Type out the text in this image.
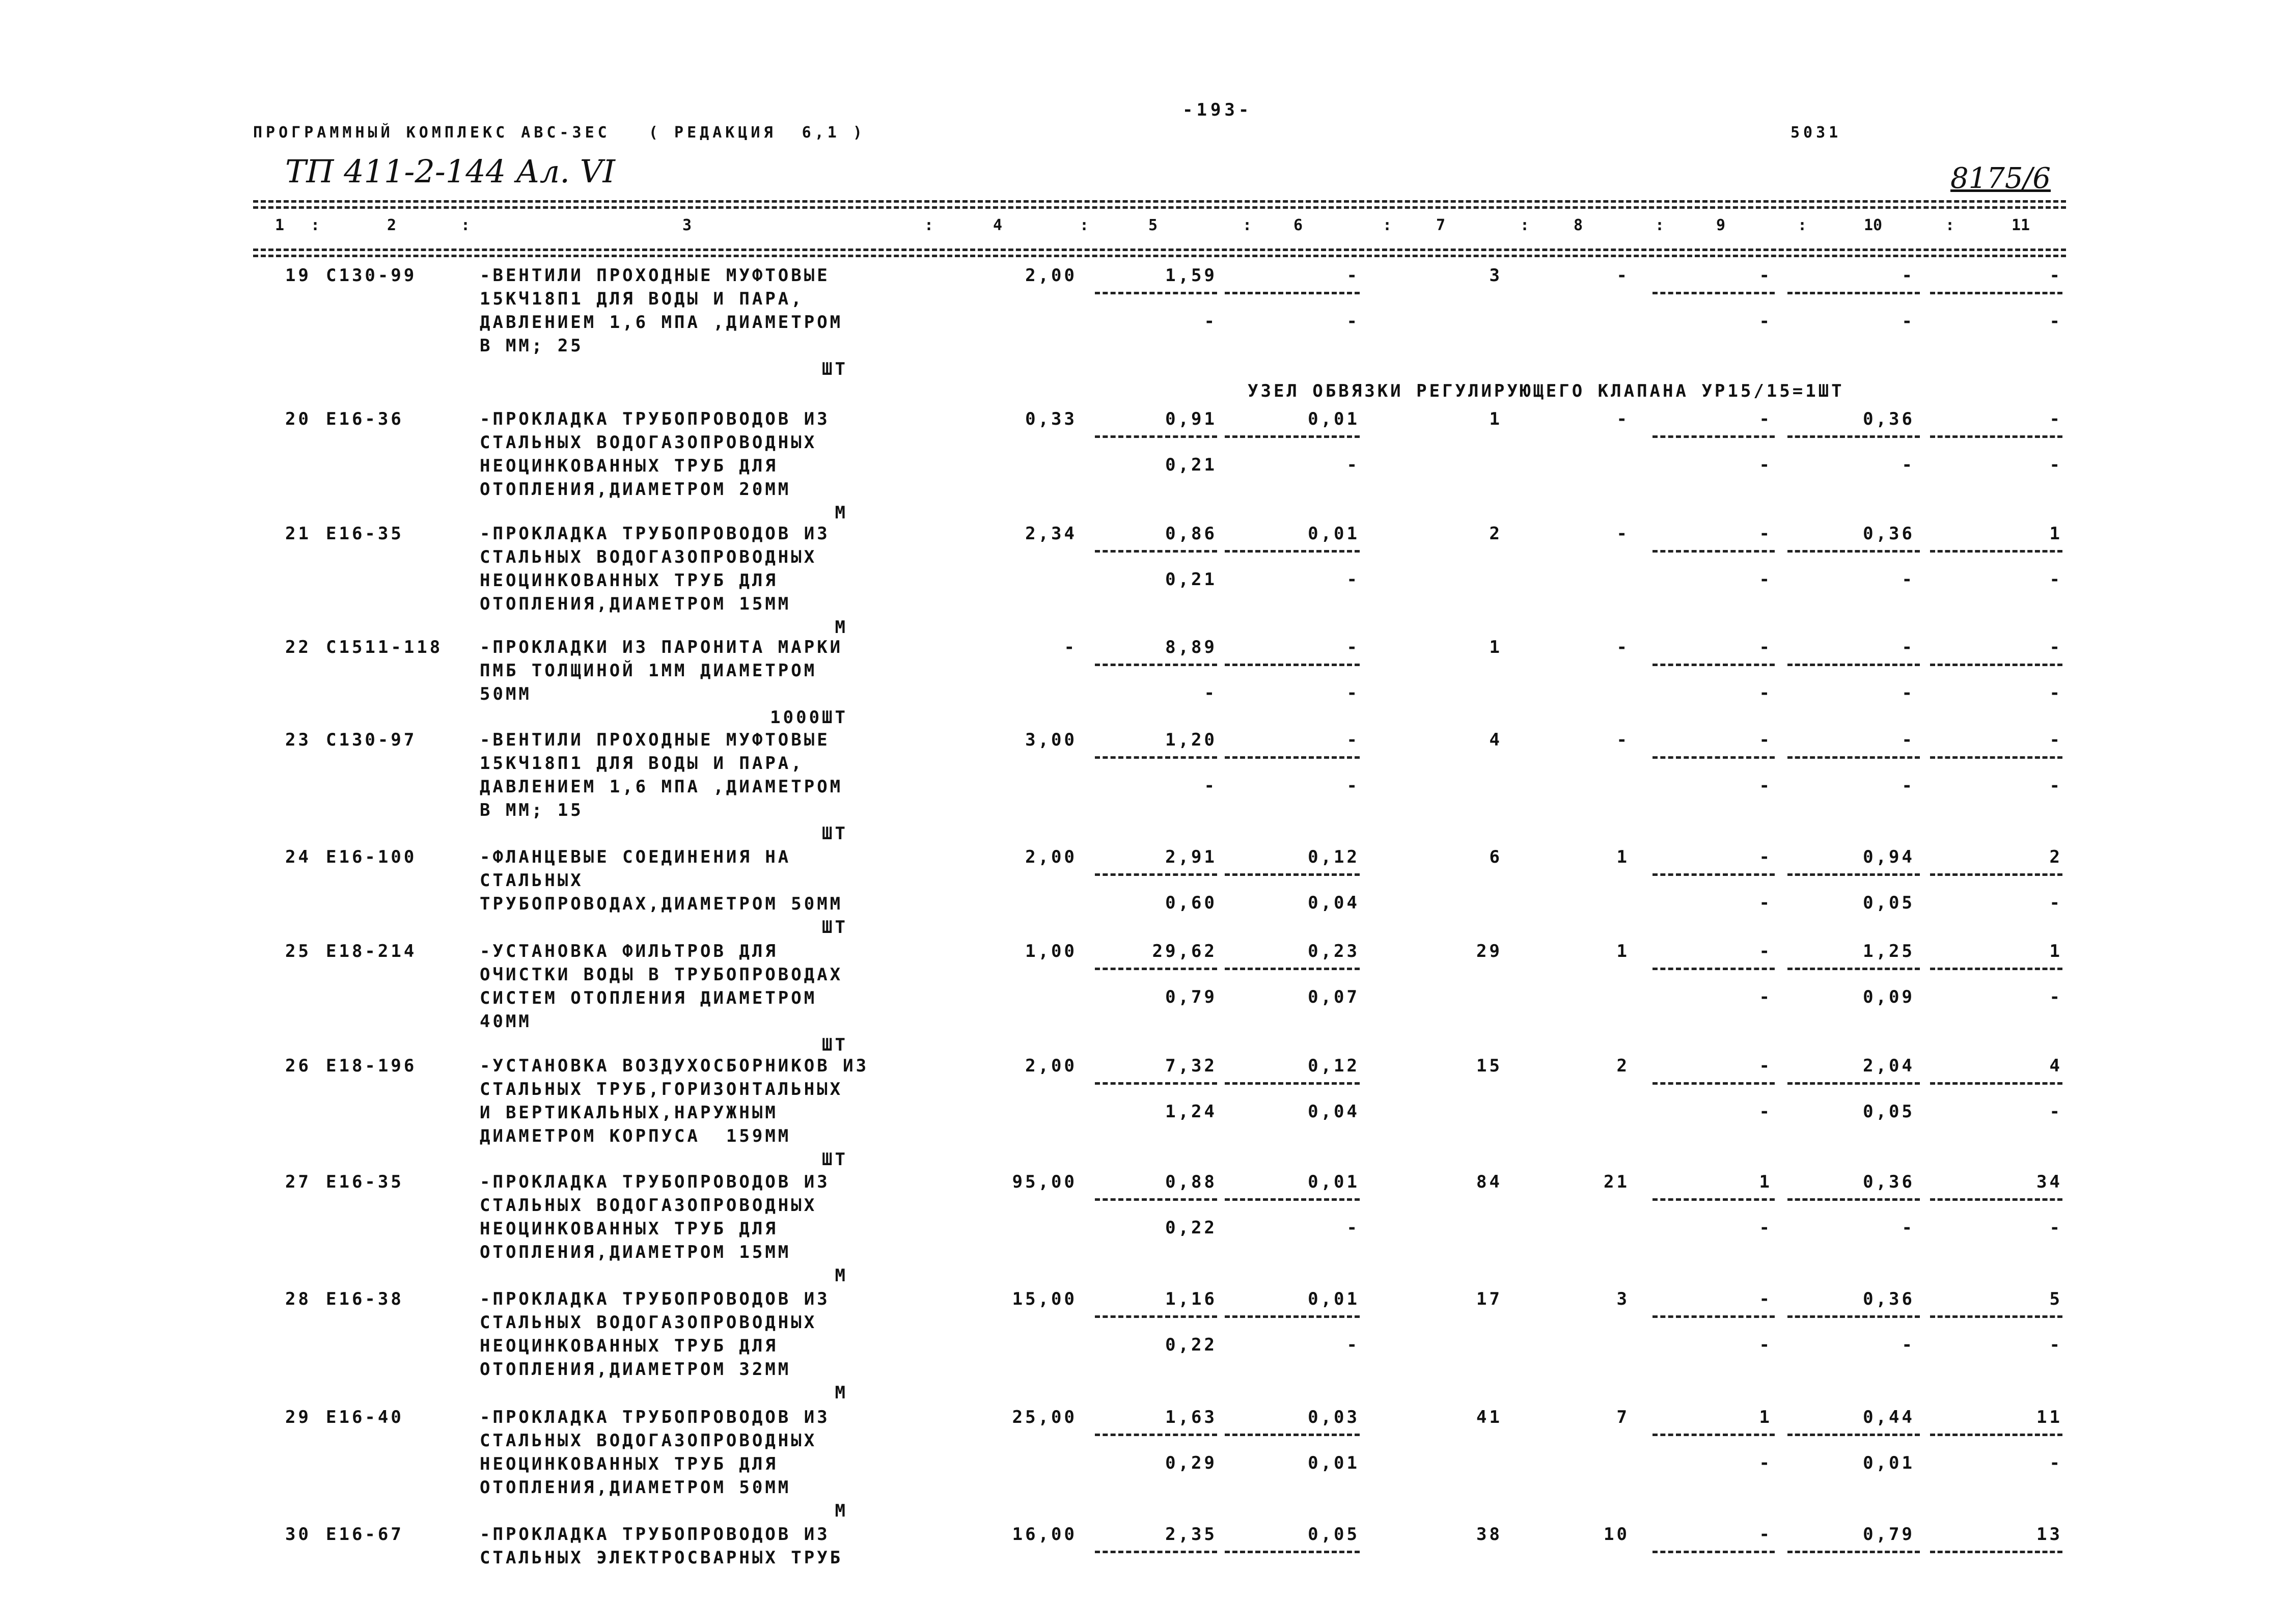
ПРОГРАММНЫЙ КОМПЛЕКС АВС-ЗЕС   ( РЕДАКЦИЯ  6,1 )
-193-
5031
ТП 411-2-144 Ал. VI	8175/6
1	2	3	4	5	6	7	8	9	10	11
:	:	:	:	:	:	:	:	:	:
УЗЕЛ ОБВЯЗКИ РЕГУЛИРУЮЩЕГО КЛАПАНА УР15/15=1ШТ
19 С130-99	-ВЕНТИЛИ ПРОХОДНЫЕ МУФТОВЫЕ
15КЧ18П1 ДЛЯ ВОДЫ И ПАРА,
ДАВЛЕНИЕМ 1,6 МПА ,ДИАМЕТРОМ
В ММ; 25
ШТ
2,00	1,59	-	3	-	-	-	-
-	-	-	-	-
20 Е16-36	-ПРОКЛАДКА ТРУБОПРОВОДОВ ИЗ
СТАЛЬНЫХ ВОДОГАЗОПРОВОДНЫХ
НЕОЦИНКОВАННЫХ ТРУБ ДЛЯ
ОТОПЛЕНИЯ,ДИАМЕТРОМ 20ММ
М
0,33	0,91	0,01	1	-	-	0,36	-
0,21	-	-	-	-
21 Е16-35	-ПРОКЛАДКА ТРУБОПРОВОДОВ ИЗ
СТАЛЬНЫХ ВОДОГАЗОПРОВОДНЫХ
НЕОЦИНКОВАННЫХ ТРУБ ДЛЯ
ОТОПЛЕНИЯ,ДИАМЕТРОМ 15ММ
М
2,34	0,86	0,01	2	-	-	0,36	1
0,21	-	-	-	-
22 С1511-118 -ПРОКЛАДКИ ИЗ ПАРОНИТА МАРКИ
ПМБ ТОЛЩИНОЙ 1ММ ДИАМЕТРОМ
50ММ
1000ШТ
-	8,89	-	1	-	-	-	-
-	-	-	-	-
23 С130-97	-ВЕНТИЛИ ПРОХОДНЫЕ МУФТОВЫЕ
15КЧ18П1 ДЛЯ ВОДЫ И ПАРА,
ДАВЛЕНИЕМ 1,6 МПА ,ДИАМЕТРОМ
В ММ; 15
ШТ
3,00	1,20	-	4	-	-	-	-
-	-	-	-	-
24 Е16-100	-ФЛАНЦЕВЫЕ СОЕДИНЕНИЯ НА
СТАЛЬНЫХ
ТРУБОПРОВОДАХ,ДИАМЕТРОМ 50ММ
ШТ
2,00	2,91	0,12	6	1	-	0,94	2
0,60	0,04	-	0,05	-
25 Е18-214	-УСТАНОВКА ФИЛЬТРОВ ДЛЯ
ОЧИСТКИ ВОДЫ В ТРУБОПРОВОДАХ
СИСТЕМ ОТОПЛЕНИЯ ДИАМЕТРОМ
40ММ
ШТ
1,00	29,62	0,23	29	1	-	1,25	1
0,79	0,07	-	0,09	-
26 Е18-196	-УСТАНОВКА ВОЗДУХОСБОРНИКОВ ИЗ
СТАЛЬНЫХ ТРУБ,ГОРИЗОНТАЛЬНЫХ
И ВЕРТИКАЛЬНЫХ,НАРУЖНЫМ
ДИАМЕТРОМ КОРПУСА  159ММ
ШТ
2,00	7,32	0,12	15	2	-	2,04	4
1,24	0,04	-	0,05	-
27 Е16-35	-ПРОКЛАДКА ТРУБОПРОВОДОВ ИЗ
СТАЛЬНЫХ ВОДОГАЗОПРОВОДНЫХ
НЕОЦИНКОВАННЫХ ТРУБ ДЛЯ
ОТОПЛЕНИЯ,ДИАМЕТРОМ 15ММ
М
95,00	0,88	0,01	84	21	1	0,36	34
0,22	-	-	-	-
28 Е16-38	-ПРОКЛАДКА ТРУБОПРОВОДОВ ИЗ
СТАЛЬНЫХ ВОДОГАЗОПРОВОДНЫХ
НЕОЦИНКОВАННЫХ ТРУБ ДЛЯ
ОТОПЛЕНИЯ,ДИАМЕТРОМ 32ММ
М
15,00	1,16	0,01	17	3	-	0,36	5
0,22	-	-	-	-
29 Е16-40	-ПРОКЛАДКА ТРУБОПРОВОДОВ ИЗ
СТАЛЬНЫХ ВОДОГАЗОПРОВОДНЫХ
НЕОЦИНКОВАННЫХ ТРУБ ДЛЯ
ОТОПЛЕНИЯ,ДИАМЕТРОМ 50ММ
М
25,00	1,63	0,03	41	7	1	0,44	11
0,29	0,01	-	0,01	-
30 Е16-67	-ПРОКЛАДКА ТРУБОПРОВОДОВ ИЗ
СТАЛЬНЫХ ЭЛЕКТРОСВАРНЫХ ТРУБ
16,00	2,35	0,05	38	10	-	0,79	13
